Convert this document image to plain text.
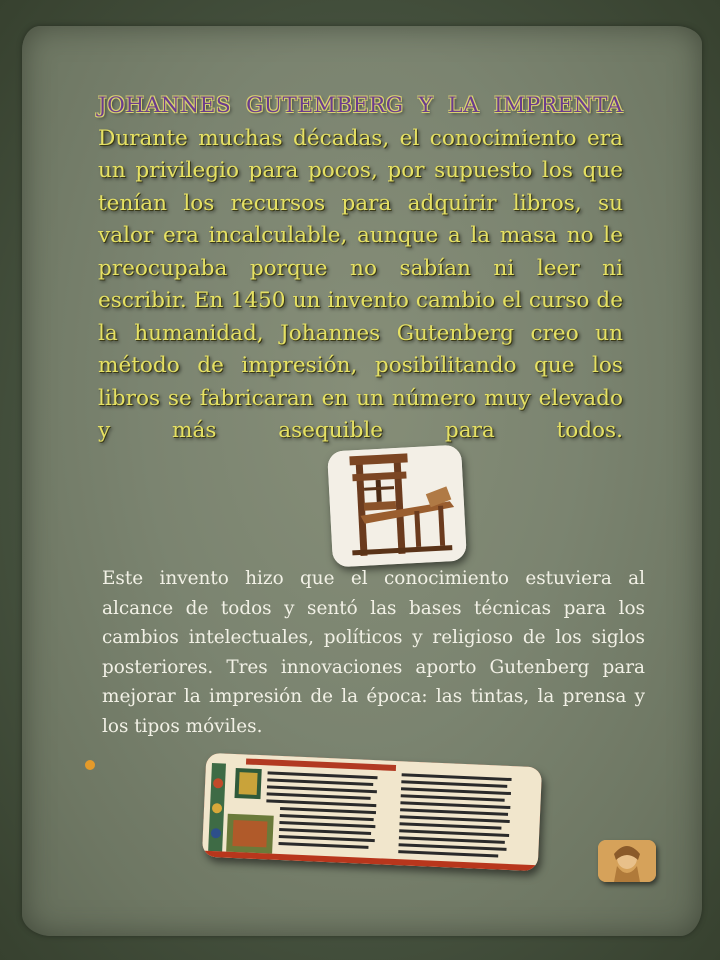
JOHANNES GUTEMBERG Y LA IMPRENTA
Durante muchas décadas, el conocimiento era un privilegio para pocos, por supuesto los que tenían los recursos para adquirir libros, su valor era incalculable, aunque a la masa no le preocupaba porque no sabían ni leer ni escribir. En 1450 un invento cambio el curso de la humanidad, Johannes Gutenberg creo un método de impresión, posibilitando que los libros se fabricaran en un número muy elevado y más asequible para todos.

Este invento hizo que el conocimiento estuviera al alcance de todos y sentó las bases técnicas para los cambios intelectuales, políticos y religioso de los siglos posteriores. Tres innovaciones aporto Gutenberg para mejorar la impresión de la época: las tintas, la prensa y los tipos móviles.
